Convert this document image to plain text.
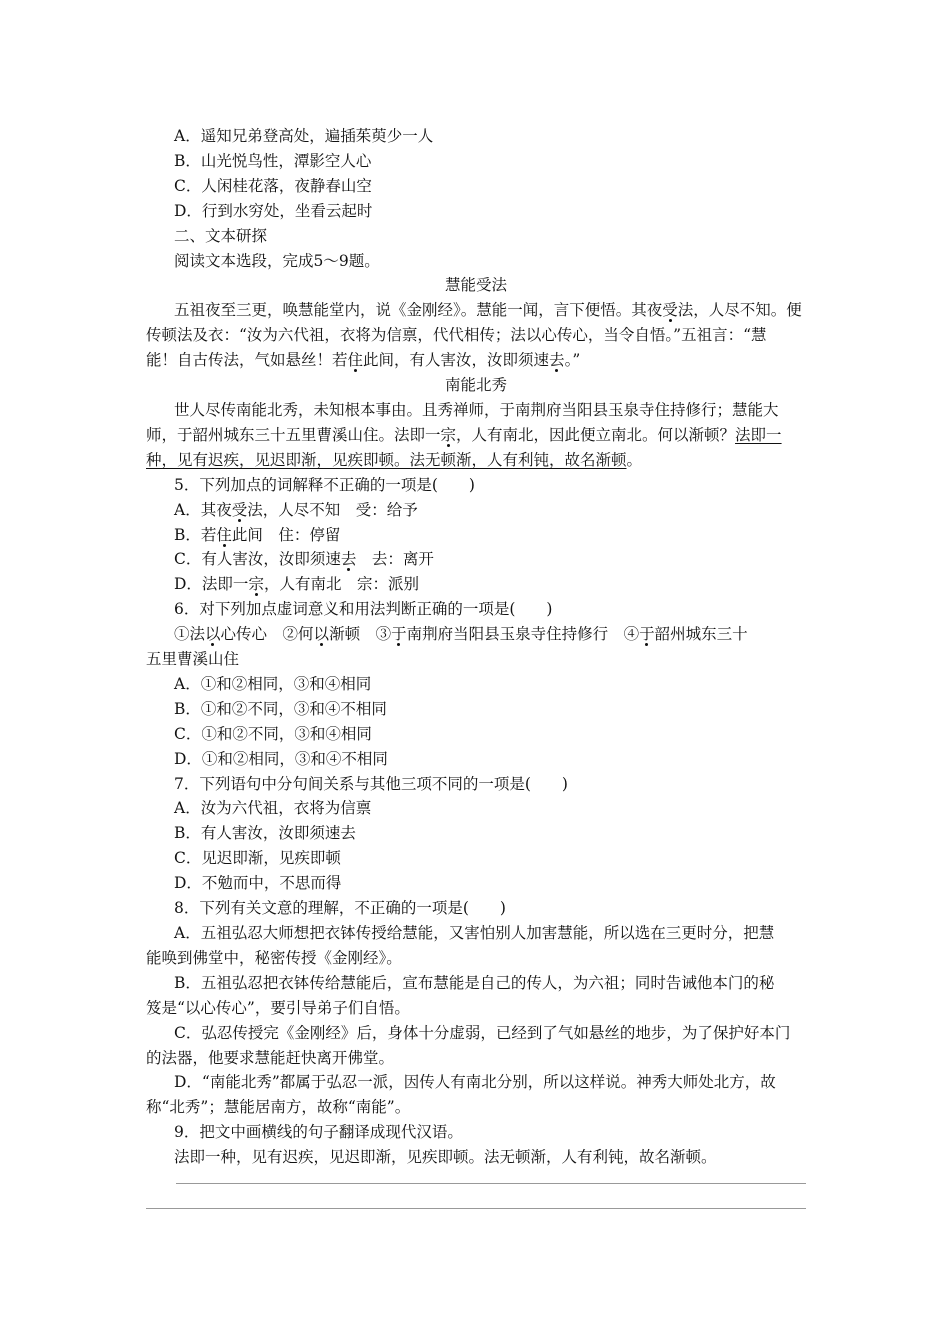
A．遥知兄弟登高处，遍插茱萸少一人
B．山光悦鸟性，潭影空人心
C．人闲桂花落，夜静春山空
D．行到水穷处，坐看云起时
二、文本研探
阅读文本选段，完成5～9题。
慧能受法
五祖夜至三更，唤慧能堂内，说《金刚经》。慧能一闻，言下便悟。其夜受法，人尽不知。便
传顿法及衣：“汝为六代祖，衣将为信禀，代代相传；法以心传心，当令自悟。”五祖言：“慧
能！自古传法，气如悬丝！若住此间，有人害汝，汝即须速去。”
南能北秀
世人尽传南能北秀，未知根本事由。且秀禅师，于南荆府当阳县玉泉寺住持修行；慧能大
师，于韶州城东三十五里曹溪山住。法即一宗，人有南北，因此便立南北。何以渐顿？法即一
种，见有迟疾，见迟即渐，见疾即顿。法无顿渐，人有利钝，故名渐顿。
5．下列加点的词解释不正确的一项是(　　)
A．其夜受法，人尽不知　受：给予
B．若住此间　住：停留
C．有人害汝，汝即须速去　去：离开
D．法即一宗，人有南北　宗：派别
6．对下列加点虚词意义和用法判断正确的一项是(　　)
①法以心传心　②何以渐顿　③于南荆府当阳县玉泉寺住持修行　④于韶州城东三十
五里曹溪山住
A．①和②相同，③和④相同
B．①和②不同，③和④不相同
C．①和②不同，③和④相同
D．①和②相同，③和④不相同
7．下列语句中分句间关系与其他三项不同的一项是(　　)
A．汝为六代祖，衣将为信禀
B．有人害汝，汝即须速去
C．见迟即渐，见疾即顿
D．不勉而中，不思而得
8．下列有关文意的理解，不正确的一项是(　　)
A．五祖弘忍大师想把衣钵传授给慧能，又害怕别人加害慧能，所以选在三更时分，把慧
能唤到佛堂中，秘密传授《金刚经》。
B．五祖弘忍把衣钵传给慧能后，宣布慧能是自己的传人，为六祖；同时告诫他本门的秘
笈是“以心传心”，要引导弟子们自悟。
C．弘忍传授完《金刚经》后，身体十分虚弱，已经到了气如悬丝的地步，为了保护好本门
的法器，他要求慧能赶快离开佛堂。
D．“南能北秀”都属于弘忍一派，因传人有南北分别，所以这样说。神秀大师处北方，故
称“北秀”；慧能居南方，故称“南能”。
9．把文中画横线的句子翻译成现代汉语。
法即一种，见有迟疾，见迟即渐，见疾即顿。法无顿渐，人有利钝，故名渐顿。
